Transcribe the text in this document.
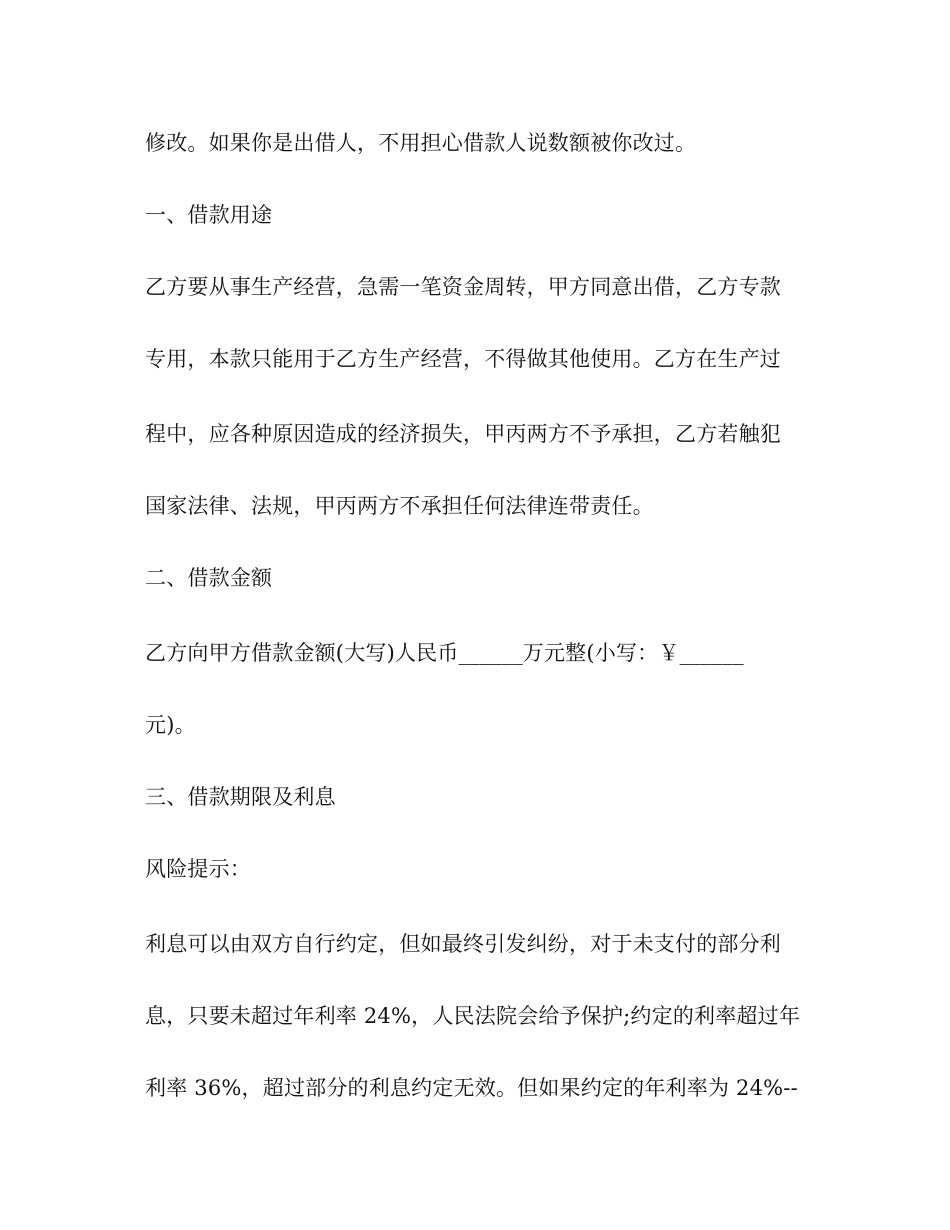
修改。如果你是出借人，不用担心借款人说数额被你改过。
一、借款用途
乙方要从事生产经营，急需一笔资金周转，甲方同意出借，乙方专款
专用，本款只能用于乙方生产经营，不得做其他使用。乙方在生产过
程中，应各种原因造成的经济损失，甲丙两方不予承担，乙方若触犯
国家法律、法规，甲丙两方不承担任何法律连带责任。
二、借款金额
乙方向甲方借款金额(大写)人民币______万元整(小写：￥______
元)。
三、借款期限及利息
风险提示：
利息可以由双方自行约定，但如最终引发纠纷，对于未支付的部分利
息，只要未超过年利率 24%，人民法院会给予保护;约定的利率超过年
利率 36%，超过部分的利息约定无效。但如果约定的年利率为 24%--
